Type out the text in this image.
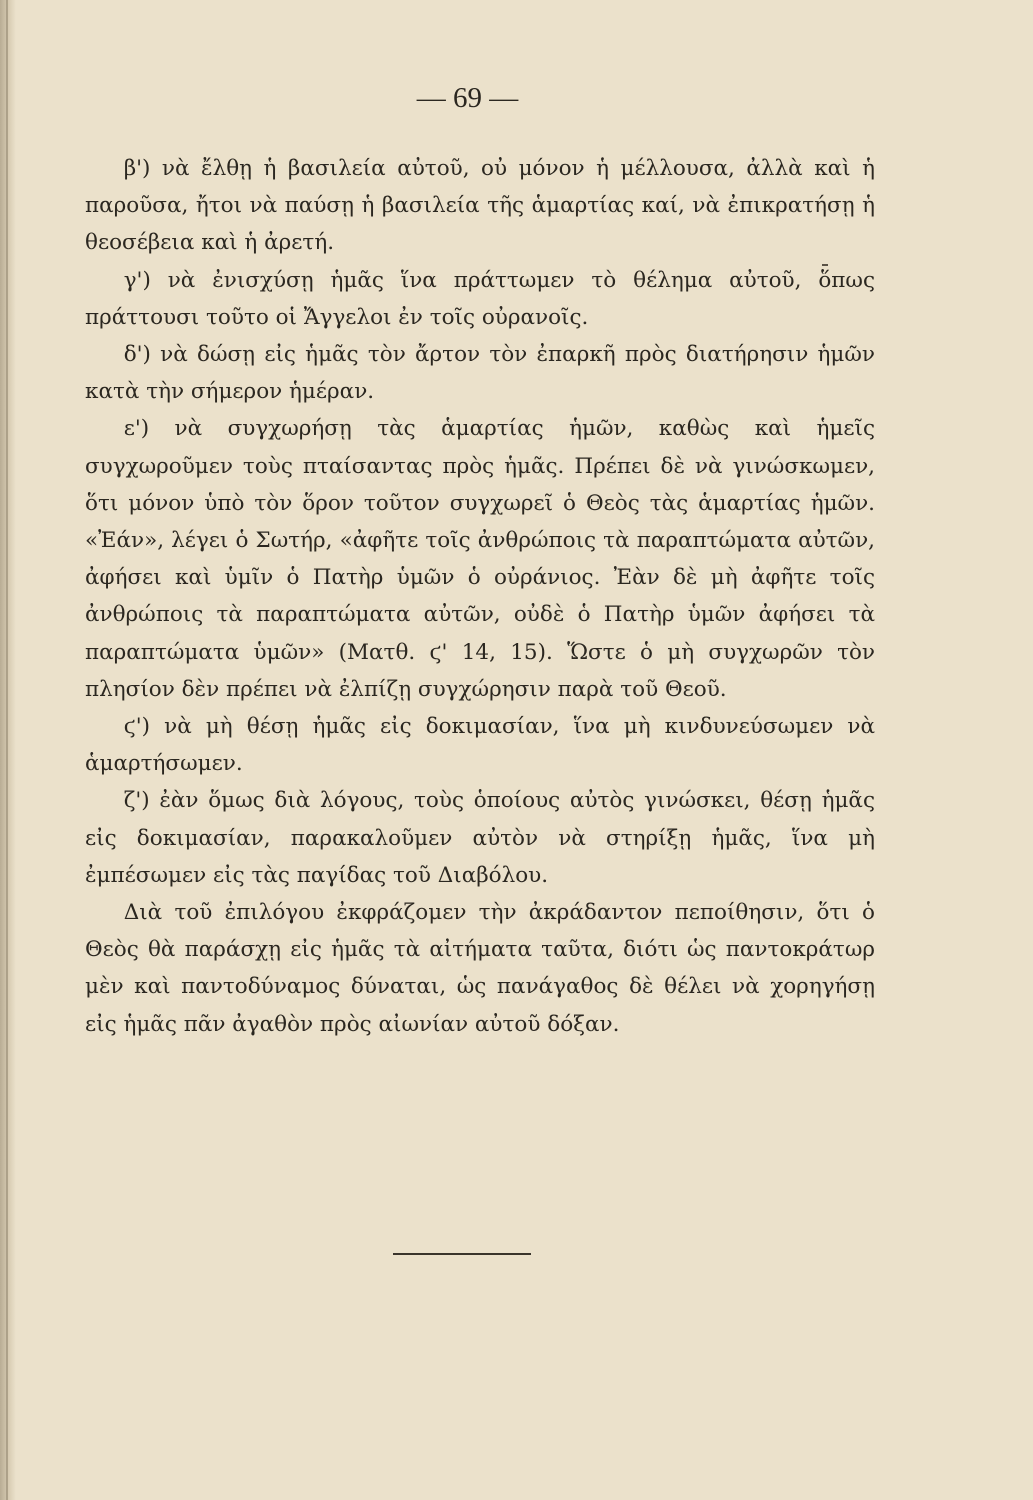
— 69 —

β') νὰ ἔλθῃ ἡ βασιλεία αὐτοῦ, οὐ μόνον ἡ μέλλουσα, ἀλλὰ καὶ ἡ παροῦσα, ἤτοι νὰ παύσῃ ἡ βασιλεία τῆς ἁμαρτίας καί, νὰ ἐπικρατήσῃ ἡ θεοσέβεια καὶ ἡ ἀρετή.

γ') νὰ ἐνισχύσῃ ἡμᾶς ἵνα πράττωμεν τὸ θέλημα αὐτοῦ, ὅπως πράττουσι τοῦτο οἱ Ἄγγελοι ἐν τοῖς οὐρανοῖς.

δ') νὰ δώσῃ εἰς ἡμᾶς τὸν ἄρτον τὸν ἐπαρκῆ πρὸς διατήρησιν ἡμῶν κατὰ τὴν σήμερον ἡμέραν.

ε') νὰ συγχωρήσῃ τὰς ἁμαρτίας ἡμῶν, καθὼς καὶ ἡμεῖς συγχωροῦμεν τοὺς πταίσαντας πρὸς ἡμᾶς. Πρέπει δὲ νὰ γινώσκωμεν, ὅτι μόνον ὑπὸ τὸν ὅρον τοῦτον συγχωρεῖ ὁ Θεὸς τὰς ἁμαρτίας ἡμῶν. «Ἐάν», λέγει ὁ Σωτήρ, «ἀφῆτε τοῖς ἀνθρώποις τὰ παραπτώματα αὐτῶν, ἀφήσει καὶ ὑμῖν ὁ Πατὴρ ὑμῶν ὁ οὐράνιος. Ἐὰν δὲ μὴ ἀφῆτε τοῖς ἀνθρώποις τὰ παραπτώματα αὐτῶν, οὐδὲ ὁ Πατὴρ ὑμῶν ἀφήσει τὰ παραπτώματα ὑμῶν» (Ματθ. ϛ' 14, 15). Ὥστε ὁ μὴ συγχωρῶν τὸν πλησίον δὲν πρέπει νὰ ἐλπίζῃ συγχώρησιν παρὰ τοῦ Θεοῦ.

ϛ') νὰ μὴ θέσῃ ἡμᾶς εἰς δοκιμασίαν, ἵνα μὴ κινδυνεύσωμεν νὰ ἁμαρτήσωμεν.

ζ') ἐὰν ὅμως διὰ λόγους, τοὺς ὁποίους αὐτὸς γινώσκει, θέσῃ ἡμᾶς εἰς δοκιμασίαν, παρακαλοῦμεν αὐτὸν νὰ στηρίξῃ ἡμᾶς, ἵνα μὴ ἐμπέσωμεν εἰς τὰς παγίδας τοῦ Διαβόλου.

Διὰ τοῦ ἐπιλόγου ἐκφράζομεν τὴν ἀκράδαντον πεποίθησιν, ὅτι ὁ Θεὸς θὰ παράσχῃ εἰς ἡμᾶς τὰ αἰτήματα ταῦτα, διότι ὡς παντοκράτωρ μὲν καὶ παντοδύναμος δύναται, ὡς πανάγαθος δὲ θέλει νὰ χορηγήσῃ εἰς ἡμᾶς πᾶν ἀγαθὸν πρὸς αἰωνίαν αὐτοῦ δόξαν.
